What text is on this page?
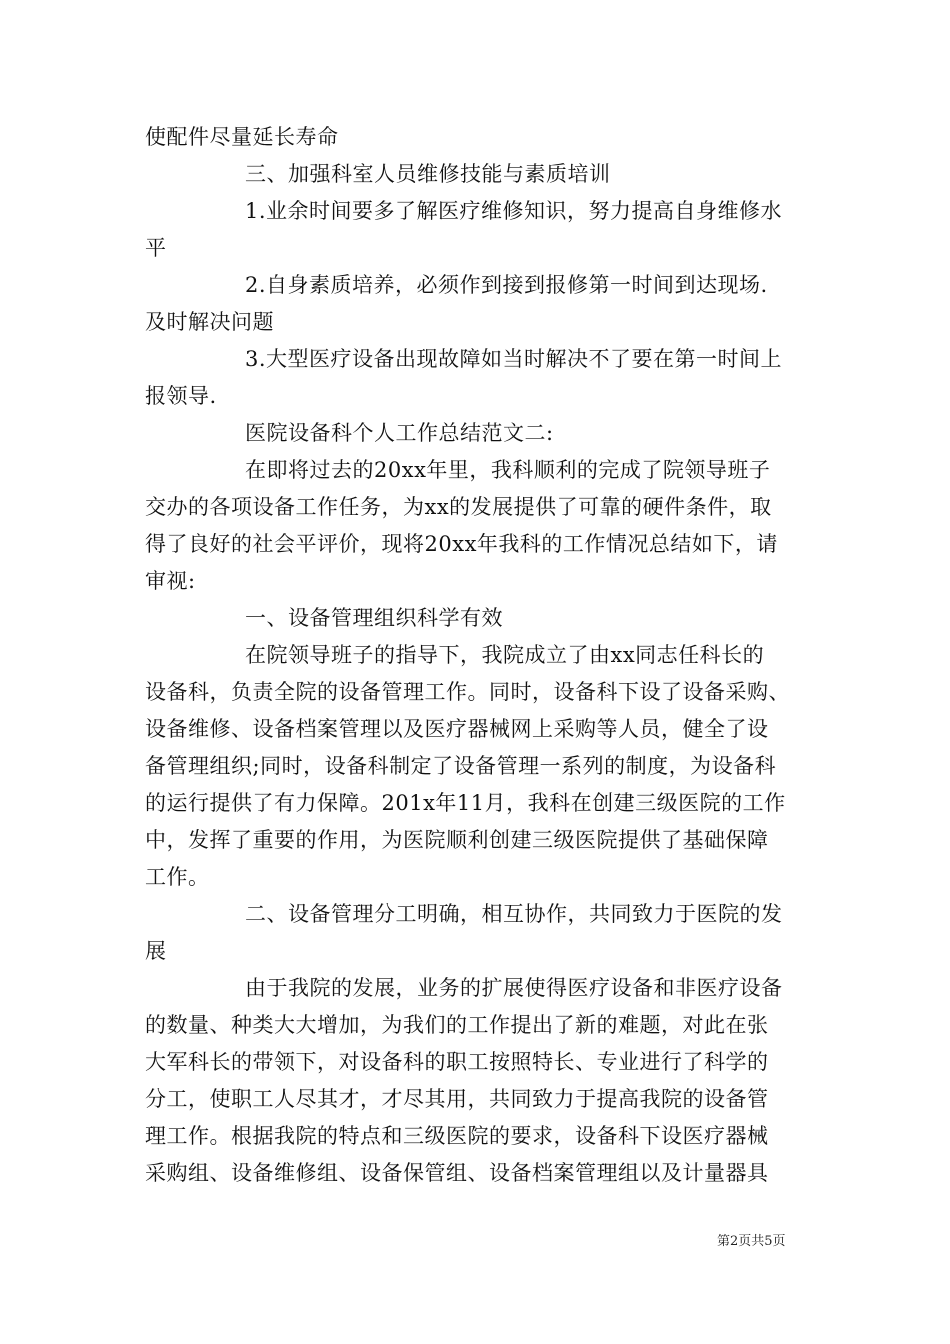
使配件尽量延长寿命
三、加强科室人员维修技能与素质培训
1.业余时间要多了解医疗维修知识，努力提高自身维修水
平
2.自身素质培养，必须作到接到报修第一时间到达现场.
及时解决问题
3.大型医疗设备出现故障如当时解决不了要在第一时间上
报领导.
医院设备科个人工作总结范文二:
在即将过去的20xx年里，我科顺利的完成了院领导班子
交办的各项设备工作任务，为xx的发展提供了可靠的硬件条件，取
得了良好的社会平评价，现将20xx年我科的工作情况总结如下，请
审视:
一、设备管理组织科学有效
在院领导班子的指导下，我院成立了由xx同志任科长的
设备科，负责全院的设备管理工作。同时，设备科下设了设备采购、
设备维修、设备档案管理以及医疗器械网上采购等人员，健全了设
备管理组织;同时，设备科制定了设备管理一系列的制度，为设备科
的运行提供了有力保障。201x年11月，我科在创建三级医院的工作
中，发挥了重要的作用，为医院顺利创建三级医院提供了基础保障
工作。
二、设备管理分工明确，相互协作，共同致力于医院的发
展
由于我院的发展，业务的扩展使得医疗设备和非医疗设备
的数量、种类大大增加，为我们的工作提出了新的难题，对此在张
大军科长的带领下，对设备科的职工按照特长、专业进行了科学的
分工，使职工人尽其才，才尽其用，共同致力于提高我院的设备管
理工作。根据我院的特点和三级医院的要求，设备科下设医疗器械
采购组、设备维修组、设备保管组、设备档案管理组以及计量器具
第2页共5页
